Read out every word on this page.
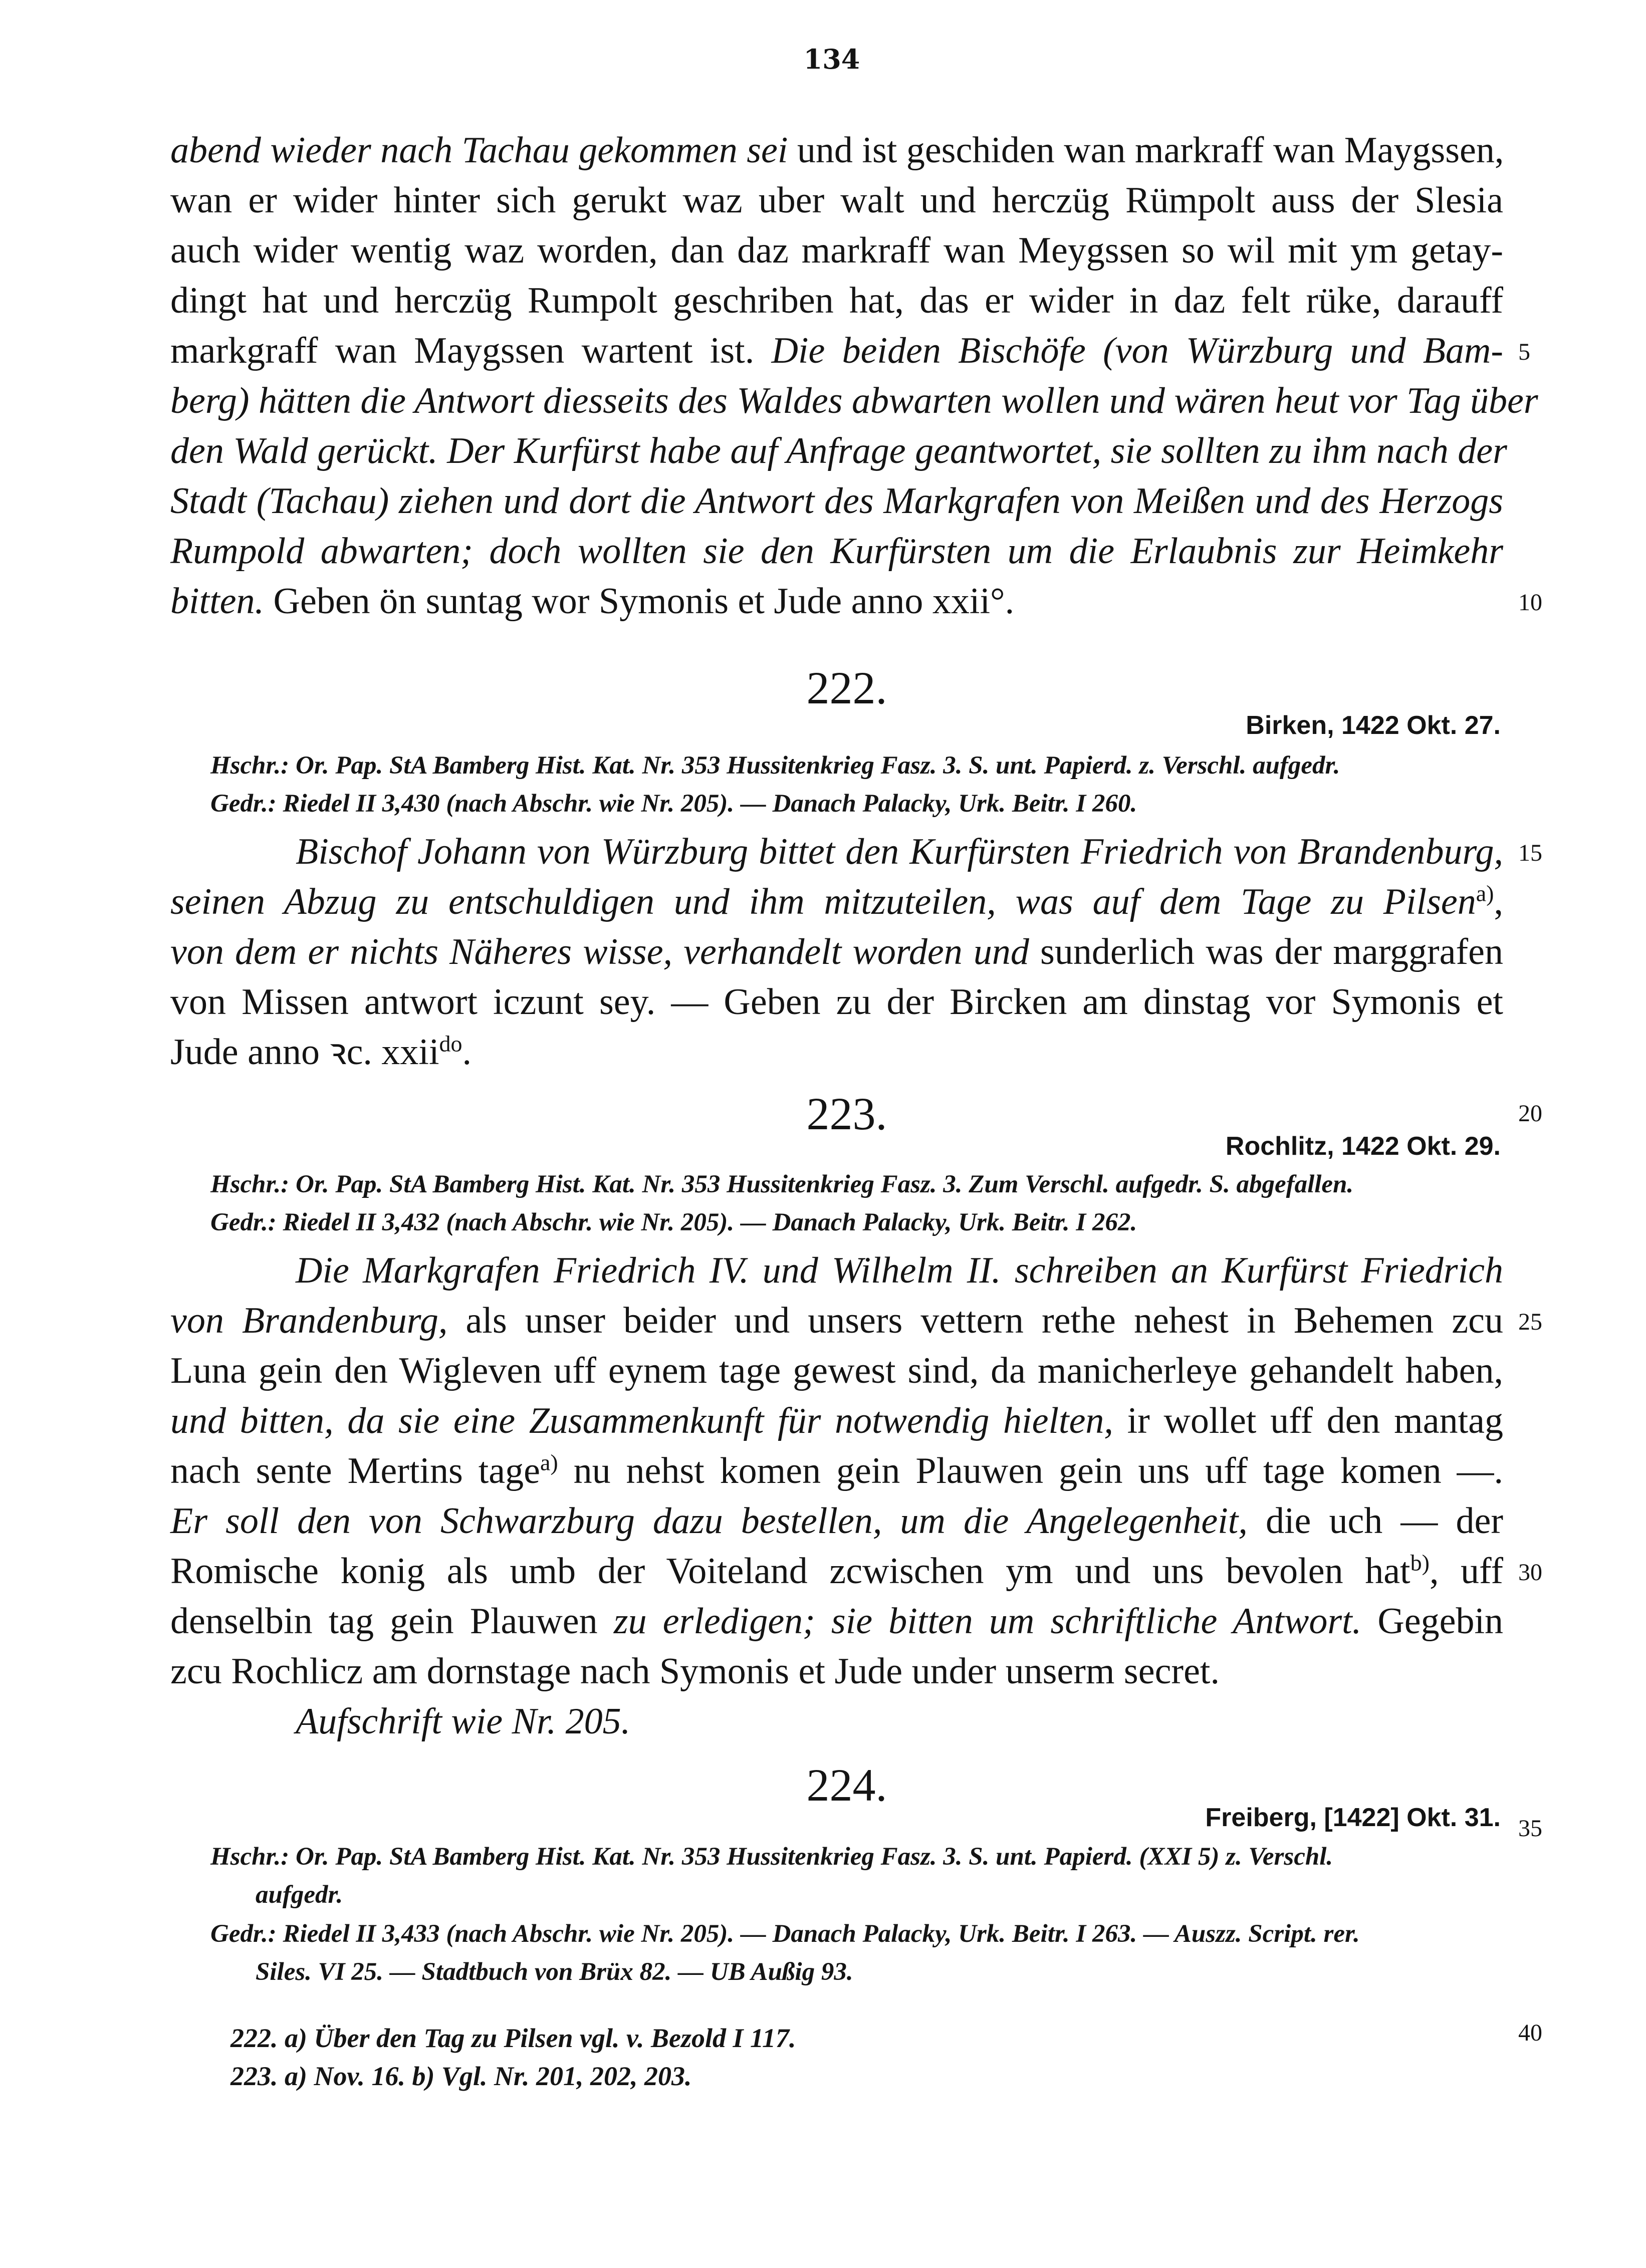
134
abend wieder nach Tachau gekommen sei und ist geschiden wan markraff wan Maygssen,
wan er wider hinter sich gerukt waz uber walt und herczüg Rümpolt auss der Slesia
auch wider wentig waz worden, dan daz markraff wan Meygssen so wil mit ym getay-
dingt hat und herczüg Rumpolt geschriben hat, das er wider in daz felt rüke, darauff
markgraff wan Maygssen wartent ist. Die beiden Bischöfe (von Würzburg und Bam-
berg) hätten die Antwort diesseits des Waldes abwarten wollen und wären heut vor Tag über
den Wald gerückt. Der Kurfürst habe auf Anfrage geantwortet, sie sollten zu ihm nach der
Stadt (Tachau) ziehen und dort die Antwort des Markgrafen von Meißen und des Herzogs
Rumpold abwarten; doch wollten sie den Kurfürsten um die Erlaubnis zur Heimkehr
bitten. Geben ön suntag wor Symonis et Jude anno xxii°.
222.
Birken, 1422 Okt. 27.
Hschr.: Or. Pap. StA Bamberg Hist. Kat. Nr. 353 Hussitenkrieg Fasz. 3. S. unt. Papierd. z. Verschl. aufgedr.
Gedr.: Riedel II 3,430 (nach Abschr. wie Nr. 205). — Danach Palacky, Urk. Beitr. I 260.
Bischof Johann von Würzburg bittet den Kurfürsten Friedrich von Brandenburg,
seinen Abzug zu entschuldigen und ihm mitzuteilen, was auf dem Tage zu Pilsen$^{a)}$,
von dem er nichts Näheres wisse, verhandelt worden und sunderlich was der marggrafen
von Missen antwort iczunt sey. — Geben zu der Bircken am dinstag vor Symonis et
Jude anno ꝛc. xxii$^{do}$.
223.
Rochlitz, 1422 Okt. 29.
Hschr.: Or. Pap. StA Bamberg Hist. Kat. Nr. 353 Hussitenkrieg Fasz. 3. Zum Verschl. aufgedr. S. abgefallen.
Gedr.: Riedel II 3,432 (nach Abschr. wie Nr. 205). — Danach Palacky, Urk. Beitr. I 262.
Die Markgrafen Friedrich IV. und Wilhelm II. schreiben an Kurfürst Friedrich
von Brandenburg, als unser beider und unsers vettern rethe nehest in Behemen zcu
Luna gein den Wigleven uff eynem tage gewest sind, da manicherleye gehandelt haben,
und bitten, da sie eine Zusammenkunft für notwendig hielten, ir wollet uff den mantag
nach sente Mertins tage$^{a)}$ nu nehst komen gein Plauwen gein uns uff tage komen —.
Er soll den von Schwarzburg dazu bestellen, um die Angelegenheit, die uch — der
Romische konig als umb der Voiteland zcwischen ym und uns bevolen hat$^{b)}$, uff
denselbin tag gein Plauwen zu erledigen; sie bitten um schriftliche Antwort. Gegebin
zcu Rochlicz am dornstage nach Symonis et Jude under unserm secret.
Aufschrift wie Nr. 205.
224.
Freiberg, [1422] Okt. 31.
Hschr.: Or. Pap. StA Bamberg Hist. Kat. Nr. 353 Hussitenkrieg Fasz. 3. S. unt. Papierd. (XXI 5) z. Verschl.
aufgedr.
Gedr.: Riedel II 3,433 (nach Abschr. wie Nr. 205). — Danach Palacky, Urk. Beitr. I 263. — Auszz. Script. rer.
Siles. VI 25. — Stadtbuch von Brüx 82. — UB Außig 93.
222. a) Über den Tag zu Pilsen vgl. v. Bezold I 117.
223. a) Nov. 16. b) Vgl. Nr. 201, 202, 203.
5
10
15
20
25
30
35
40
